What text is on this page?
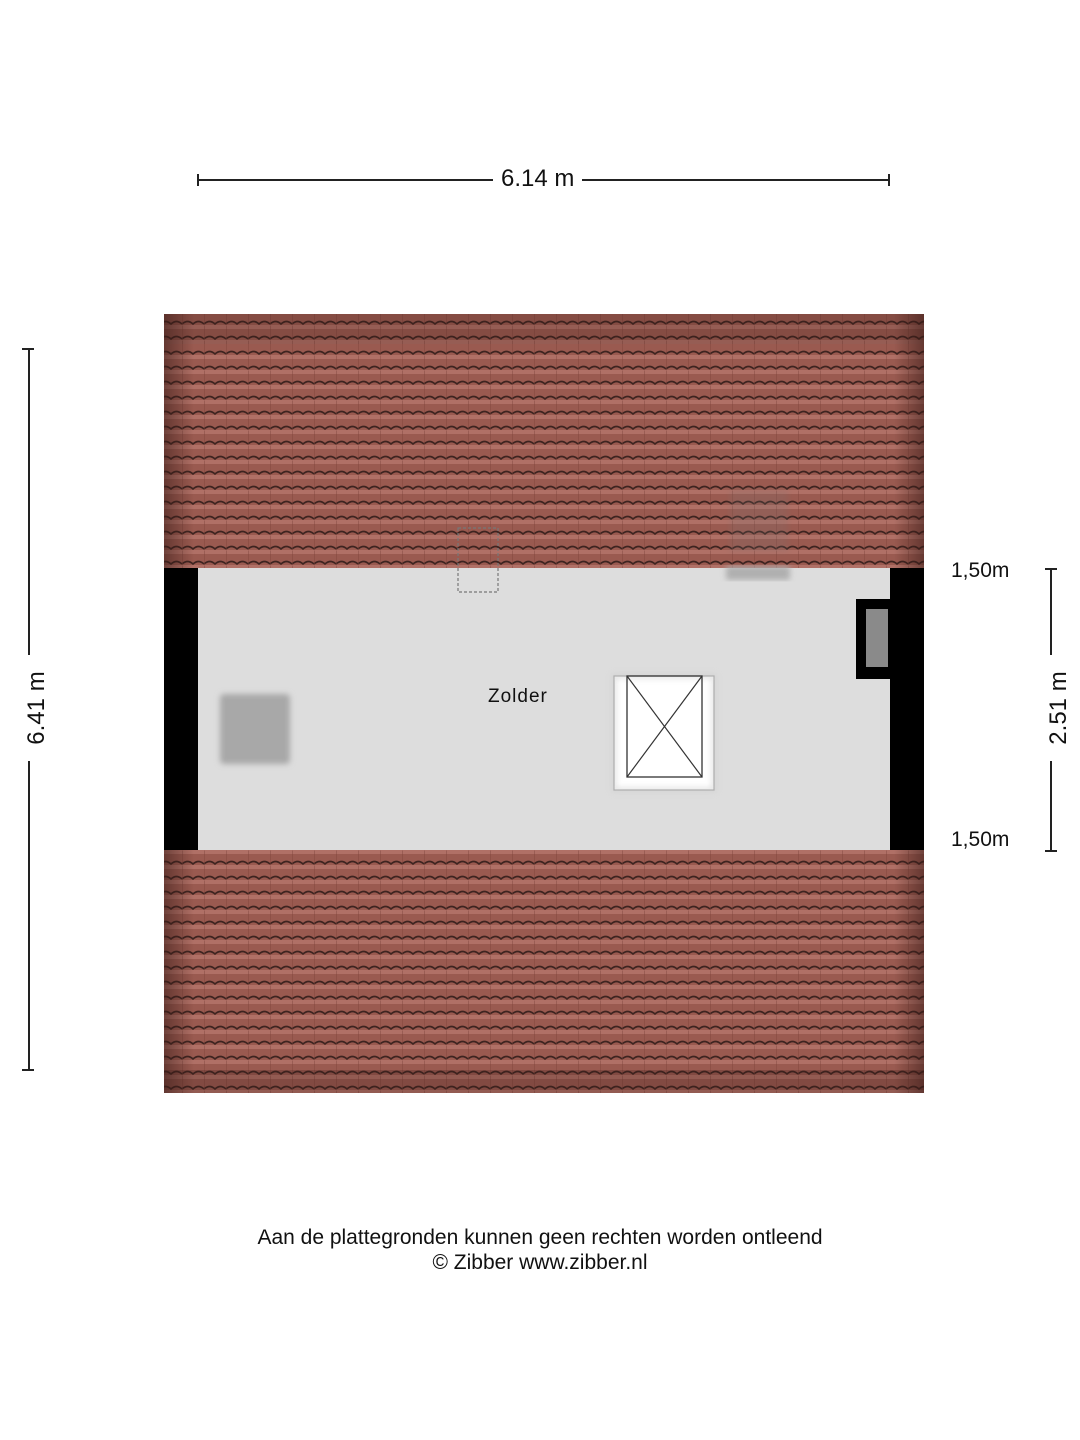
6.14 m
6.41 m	2.51 m
1,50m
1,50m
Zolder
Aan de plattegronden kunnen geen rechten worden ontleend
© Zibber www.zibber.nl
